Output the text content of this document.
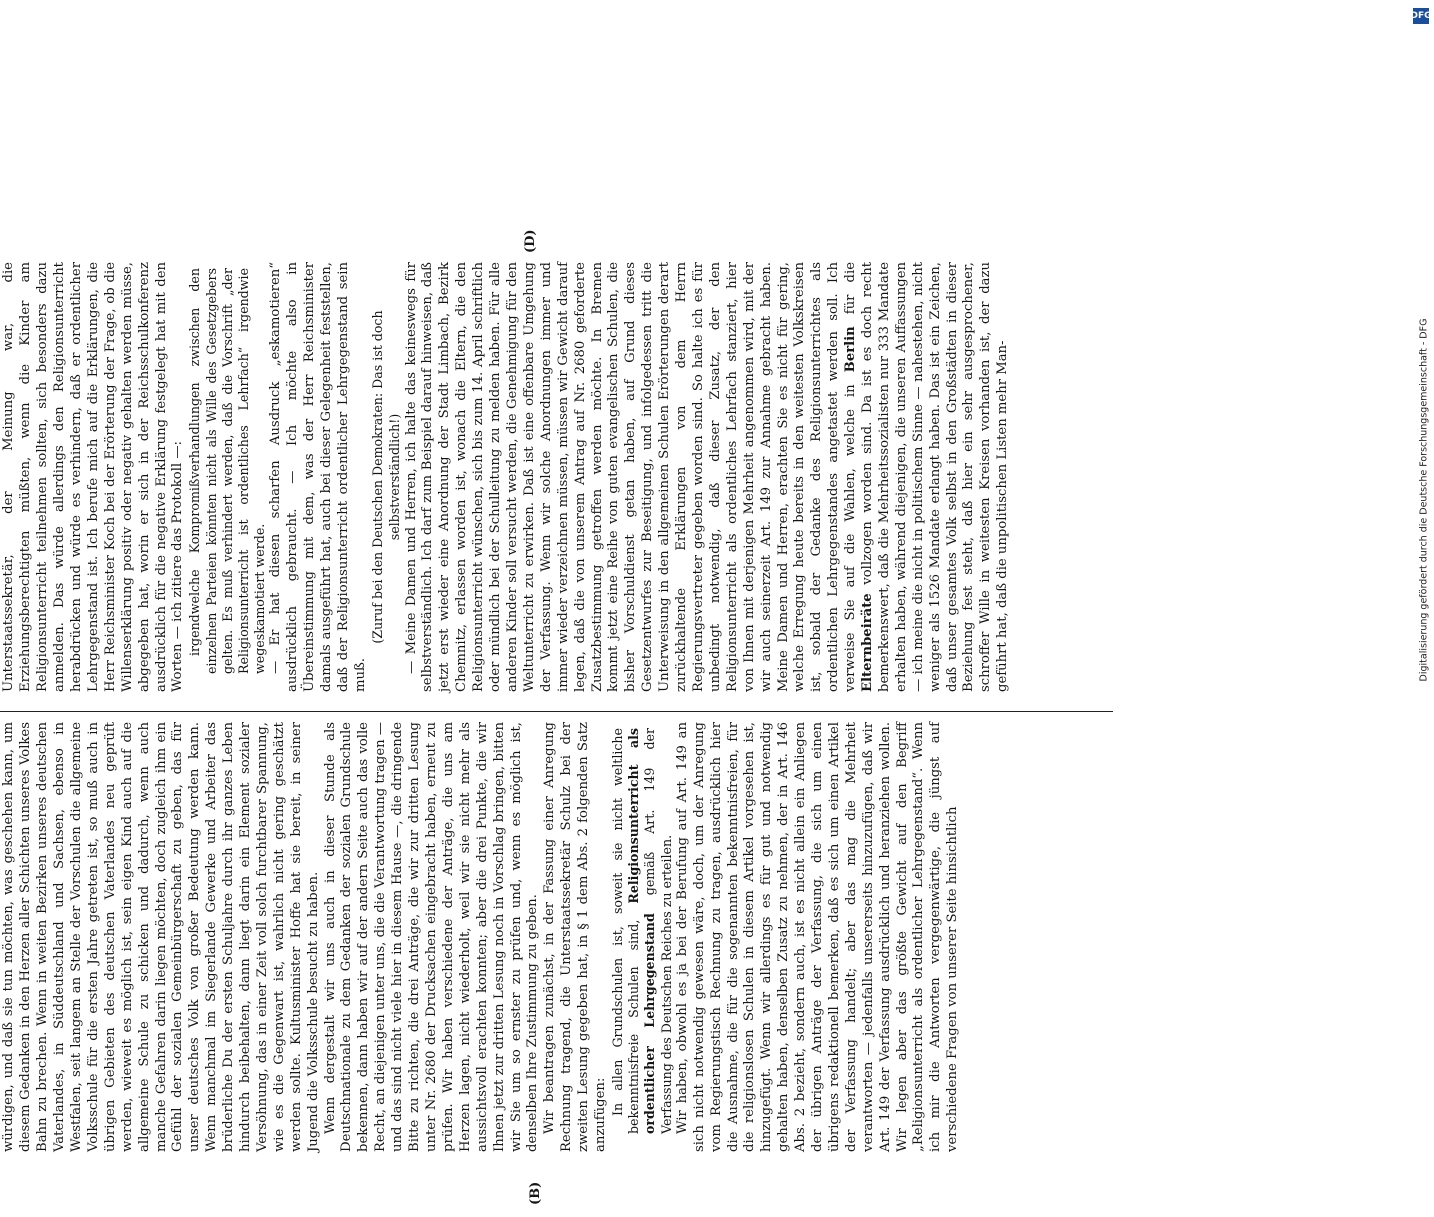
(B)
(D)

würdigen, und daß sie tun möchten, was geschehen kann, um diesem Gedanken in den Herzen aller Schichten unseres Volkes Bahn zu brechen. Wenn in weiten Bezirken unseres deutschen Vaterlandes, in Süddeutschland und Sachsen, ebenso in Westfalen, seit langem an Stelle der Vorschulen die allgemeine Volksschule für die ersten Jahre getreten ist, so muß auch in übrigen Gebieten des deutschen Vaterlandes neu geprüft werden, wieweit es möglich ist, sein eigen Kind auch auf die allgemeine Schule zu schicken und dadurch, wenn auch manche Gefahren darin liegen möchten, doch zugleich ihm ein Gefühl der sozialen Gemeinbürgerschaft zu geben, das für unser deutsches Volk von großer Bedeutung werden kann. Wenn manchmal im Siegerlande Gewerke und Arbeiter das brüderliche Du der ersten Schuljahre durch ihr ganzes Leben hindurch beibehalten, dann liegt darin ein Element sozialer Versöhnung, das in einer Zeit voll solch furchtbarer Spannung, wie es die Gegenwart ist, wahrlich nicht gering geschätzt werden sollte. Kultusminister Hoffe hat sie bereit, in seiner Jugend die Volksschule besucht zu haben. Wenn dergestalt wir uns auch in dieser Stunde als Deutschnationale zu dem Gedanken der sozialen Grundschule bekennen, dann haben wir auf der andern Seite auch das volle Recht, an diejenigen unter uns, die die Verantwortung tragen — und das sind nicht viele hier in diesem Hause —, die dringende Bitte zu richten, die drei Anträge, die wir zur dritten Lesung unter Nr. 2680 der Drucksachen eingebracht haben, erneut zu prüfen. Wir haben verschiedene der Anträge, die uns am Herzen lagen, nicht wiederholt, weil wir sie nicht mehr als aussichtsvoll erachten konnten; aber die drei Punkte, die wir Ihnen jetzt zur dritten Lesung noch in Vorschlag bringen, bitten wir Sie um so ernster zu prüfen und, wenn es möglich ist, denselben Ihre Zustimmung zu geben. Wir beantragen zunächst, in der Fassung einer Anregung Rechnung tragend, die Unterstaatssekretär Schulz bei der zweiten Lesung gegeben hat, in § 1 dem Abs. 2 folgenden Satz anzufügen: In allen Grundschulen ist, soweit sie nicht weltliche bekenntnisfreie Schulen sind, Religionsunterricht als ordentlicher Lehrgegenstand gemäß Art. 149 der Verfassung des Deutschen Reiches zu erteilen. Wir haben, obwohl es ja bei der Berufung auf Art. 149 an sich nicht notwendig gewesen wäre, doch, um der Anregung vom Regierungstisch Rechnung zu tragen, ausdrücklich hier die Ausnahme, die für die sogenannten bekenntnisfreien, für die religionslosen Schulen in diesem Artikel vorgesehen ist, hinzugefügt. Wenn wir allerdings es für gut und notwendig gehalten haben, denselben Zusatz zu nehmen, der in Art. 146 Abs. 2 bezieht, sondern auch, ist es nicht allein ein Anliegen der übrigen Anträge der Verfassung, die sich um einen übrigens redaktionell bemerken, daß es sich um einen Artikel der Verfassung handelt; aber das mag die Mehrheit verantworten — jedenfalls unsererseits hinzuzufügen, daß wir Art. 149 der Verfassung ausdrücklich und heranziehen wollen. Wir legen aber das größte Gewicht auf den Begriff „Religionsunterricht als ordentlicher Lehrgegenstand“. Wenn ich mir die Antworten vergegenwärtige, die jüngst auf verschiedene Fragen von unserer Seite hinsichtlich

Unterstaatssekretär, der Meinung war, die Erziehungsberechtigten müßten, wenn die Kinder am Religionsunterricht teilnehmen sollten, sich besonders dazu anmelden. Das würde allerdings den Religionsunterricht herabdrücken und würde es verhindern, daß er ordentlicher Lehrgegenstand ist. Ich berufe mich auf die Erklärungen, die Herr Reichsminister Koch bei der Erörterung der Frage, ob die Willenserklärung positiv oder negativ gehalten werden müsse, abgegeben hat, worin er sich in der Reichsschulkonferenz ausdrücklich für die negative Erklärung festgelegt hat mit den Worten — ich zitiere das Protokoll —: irgendwelche Kompromißverhandlungen zwischen den einzelnen Parteien könnten nicht als Wille des Gesetzgebers gelten. Es muß verhindert werden, daß die Vorschrift „der Religionsunterricht ist ordentliches Lehrfach“ irgendwie wegeskamotiert werde. — Er hat diesen scharfen Ausdruck „eskamotieren“ ausdrücklich gebraucht. — Ich möchte also in Übereinstimmung mit dem, was der Herr Reichsminister damals ausgeführt hat, auch bei dieser Gelegenheit feststellen, daß der Religionsunterricht ordentlicher Lehrgegenstand sein muß.

(Zuruf bei den Deutschen Demokraten: Das ist doch selbstverständlich!) — Meine Damen und Herren, ich halte das keineswegs für selbstverständlich. Ich darf zum Beispiel darauf hinweisen, daß jetzt erst wieder eine Anordnung der Stadt Limbach, Bezirk Chemnitz, erlassen worden ist, wonach die Eltern, die den Religionsunterricht wünschen, sich bis zum 14. April schriftlich oder mündlich bei der Schulleitung zu melden haben. Für alle anderen Kinder soll versucht werden, die Genehmigung für den Weltunterricht zu erwirken. Daß ist eine offenbare Umgehung der Verfassung. Wenn wir solche Anordnungen immer und immer wieder verzeichnen müssen, müssen wir Gewicht darauf legen, daß die von unserem Antrag auf Nr. 2680 geforderte Zusatzbestimmung getroffen werden möchte. In Bremen kommt jetzt eine Reihe von guten evangelischen Schulen, die bisher Vorschuldienst getan haben, auf Grund dieses Gesetzentwurfes zur Beseitigung, und infolgedessen tritt die Unterweisung in den allgemeinen Schulen Erörterungen derart zurückhaltende Erklärungen von dem Herrn Regierungsvertreter gegeben worden sind. So halte ich es für unbedingt notwendig, daß dieser Zusatz, der den Religionsunterricht als ordentliches Lehrfach stanziert, hier von Ihnen mit derjenigen Mehrheit angenommen wird, mit der wir auch seinerzeit Art. 149 zur Annahme gebracht haben. Meine Damen und Herren, erachten Sie es nicht für gering, welche Erregung heute bereits in den weitesten Volkskreisen ist, sobald der Gedanke des Religionsunterrichtes als ordentlichen Lehrgegenstandes angetastet werden soll. Ich verweise Sie auf die Wahlen, welche in Berlin für die Elternbeiräte vollzogen worden sind. Da ist es doch recht bemerkenswert, daß die Mehrheitssozialisten nur 333 Mandate erhalten haben, während diejenigen, die unseren Auffassungen — ich meine die nicht in politischem Sinne — nahestehen, nicht weniger als 1526 Mandate erlangt haben. Das ist ein Zeichen, daß unser gesamtes Volk selbst in den Großstädten in dieser Beziehung fest steht, daß hier ein sehr ausgesprochener, schroffer Wille in weitesten Kreisen vorhanden ist, der dazu geführt hat, daß die unpolitischen Listen mehr Man-

DFG
Digitalisierung gefördert durch die Deutsche Forschungsgemeinschaft - DFG
